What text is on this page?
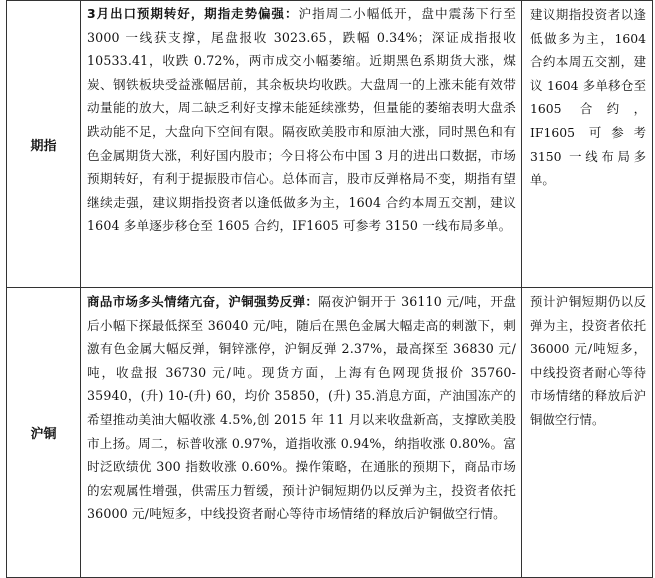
期指	3月出口预期转好，期指走势偏强：沪指周二小幅低开，盘中震荡下行至 3000 一线获支撑，尾盘报收 3023.65，跌幅 0.34%；深证成指报收 10533.41，收跌 0.72%，两市成交小幅萎缩。近期黑色系期货大涨，煤炭、钢铁板块受益涨幅居前，其余板块均收跌。大盘周一的上涨未能有效带动量能的放大，周二缺乏利好支撑未能延续涨势，但量能的萎缩表明大盘杀跌动能不足，大盘向下空间有限。隔夜欧美股市和原油大涨，同时黑色和有色金属期货大涨，利好国内股市；今日将公布中国 3 月的进出口数据，市场预期转好，有利于提振股市信心。总体而言，股市反弹格局不变，期指有望继续走强，建议期指投资者以逢低做多为主，1604 合约本周五交割，建议 1604 多单逐步移仓至 1605 合约，IF1605 可参考 3150 一线布局多单。	建议期指投资者以逢低做多为主，1604 合约本周五交割，建议 1604 多单移仓至 1605 合约，IF1605 可参考 3150 一线布局多单。

沪铜	商品市场多头情绪亢奋，沪铜强势反弹：隔夜沪铜开于 36110 元/吨，开盘后小幅下探最低探至 36040 元/吨，随后在黑色金属大幅走高的刺激下，刺激有色金属大幅反弹，铜锌涨停，沪铜反弹 2.37%，最高探至 36830 元/吨，收盘报 36730 元/吨。现货方面，上海有色网现货报价 35760-35940，(升) 10-(升) 60，均价 35850，(升) 35.消息方面，产油国冻产的希望推动美油大幅收涨 4.5%,创 2015 年 11 月以来收盘新高，支撑欧美股市上扬。周二，标普收涨 0.97%，道指收涨 0.94%，纳指收涨 0.80%。富时泛欧绩优 300 指数收涨 0.60%。操作策略，在通胀的预期下，商品市场的宏观属性增强，供需压力暂缓，预计沪铜短期仍以反弹为主，投资者依托 36000 元/吨短多，中线投资者耐心等待市场情绪的释放后沪铜做空行情。	预计沪铜短期仍以反弹为主，投资者依托 36000 元/吨短多，中线投资者耐心等待市场情绪的释放后沪铜做空行情。
